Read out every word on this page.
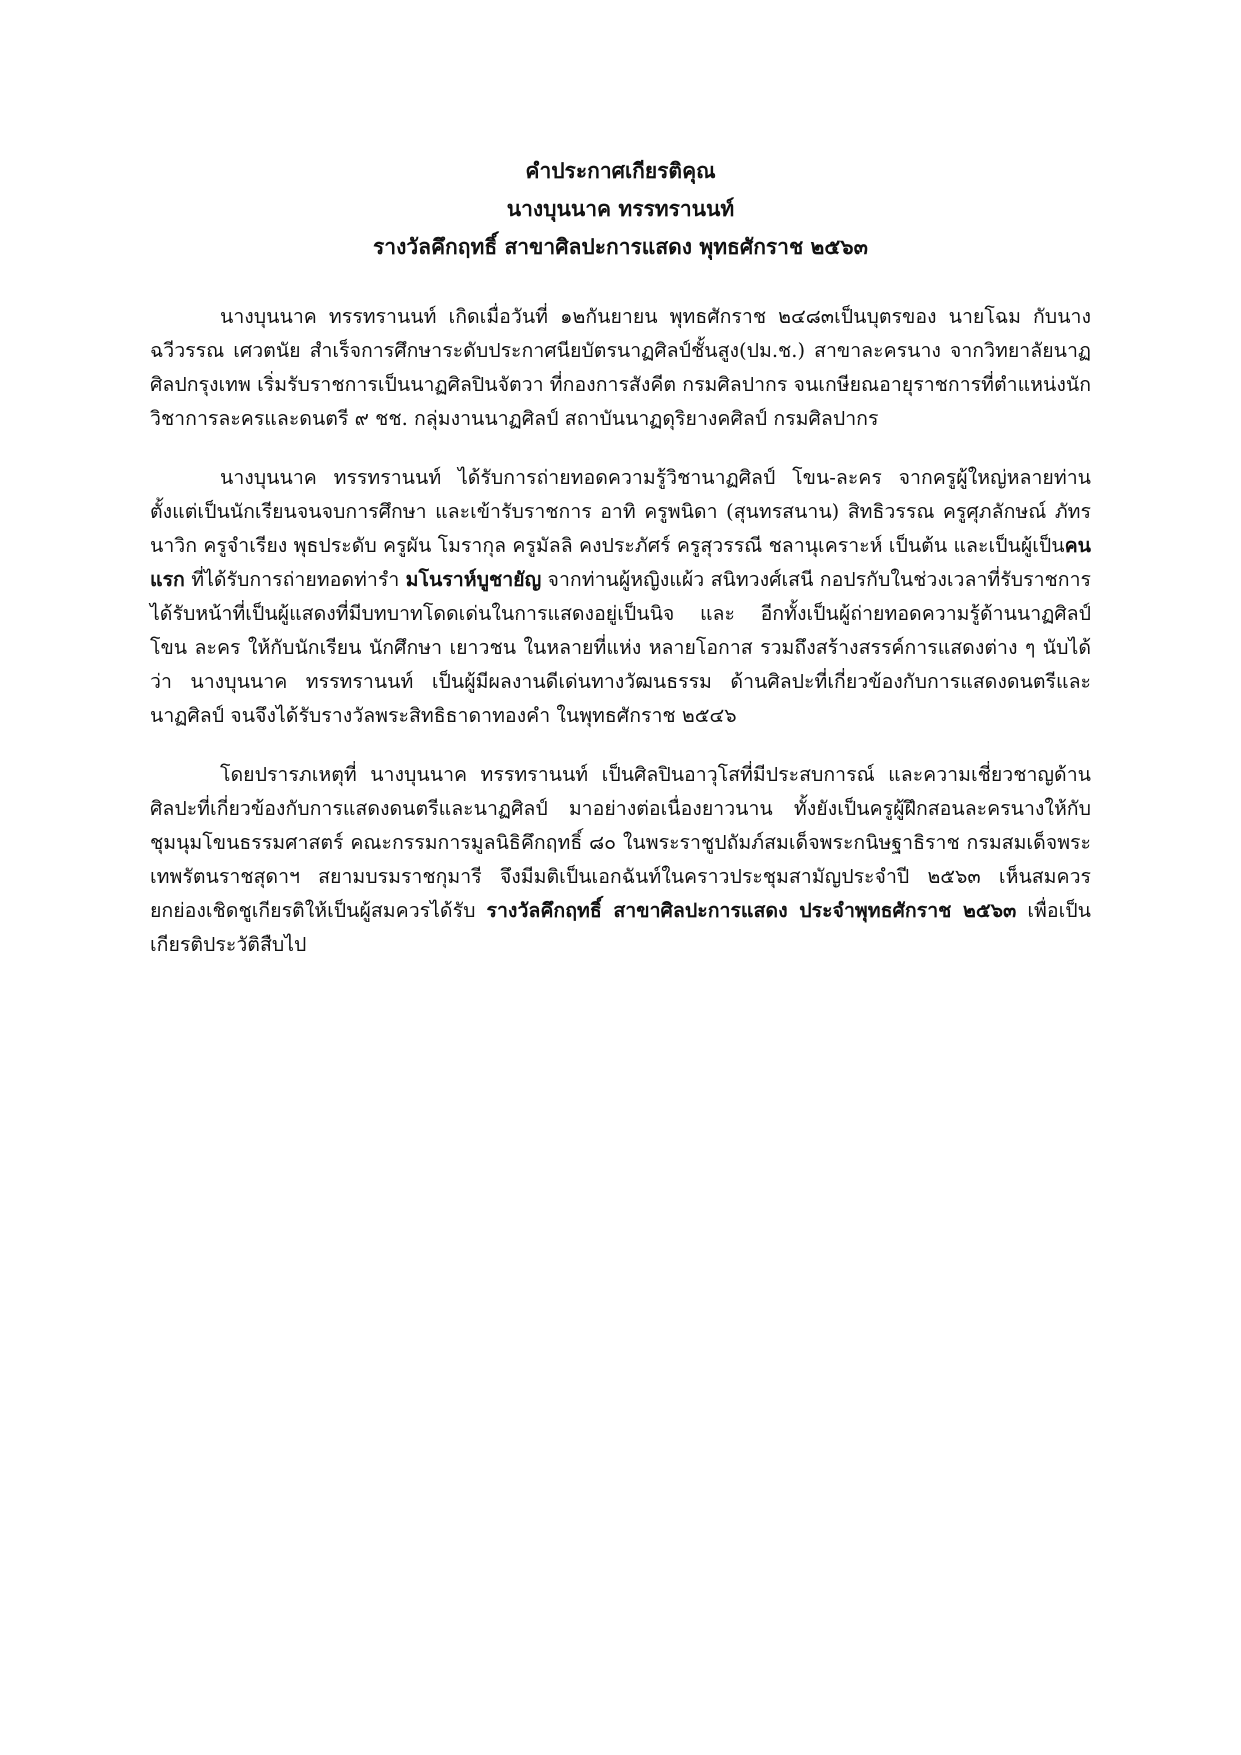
คำประกาศเกียรติคุณ
นางบุนนาค ทรรทรานนท์
รางวัลคึกฤทธิ์ สาขาศิลปะการแสดง พุทธศักราช ๒๕๖๓

นางบุนนาค ทรรทรานนท์ เกิดเมื่อวันที่ ๑๒กันยายน พุทธศักราช ๒๔๘๓เป็นบุตรของ นายโฉม กับนาง ฉวีวรรณ เศวตนัย สำเร็จการศึกษาระดับประกาศนียบัตรนาฏศิลป์ชั้นสูง(ปม.ช.) สาขาละครนาง จากวิทยาลัยนาฏศิลปกรุงเทพ เริ่มรับราชการเป็นนาฏศิลปินจัตวา ที่กองการสังคีต กรมศิลปากร จนเกษียณอายุราชการที่ตำแหน่งนักวิชาการละครและดนตรี ๙ ชช. กลุ่มงานนาฏศิลป์ สถาบันนาฏดุริยางคศิลป์ กรมศิลปากร

นางบุนนาค ทรรทรานนท์ ได้รับการถ่ายทอดความรู้วิชานาฏศิลป์ โขน-ละคร จากครูผู้ใหญ่หลายท่าน ตั้งแต่เป็นนักเรียนจนจบการศึกษา และเข้ารับราชการ อาทิ ครูพนิดา (สุนทรสนาน) สิทธิวรรณ ครูศุภลักษณ์ ภัทรนาวิก ครูจำเรียง พุธประดับ ครูผัน โมรากุล ครูมัลลิ คงประภัศร์ ครูสุวรรณี ชลานุเคราะห์ เป็นต้น และเป็นผู้เป็นคนแรก ที่ได้รับการถ่ายทอดท่ารำ มโนราห์บูชายัญ จากท่านผู้หญิงแผ้ว สนิทวงศ์เสนี กอปรกับในช่วงเวลาที่รับราชการ ได้รับหน้าที่เป็นผู้แสดงที่มีบทบาทโดดเด่นในการแสดงอยู่เป็นนิจ และ อีกทั้งเป็นผู้ถ่ายทอดความรู้ด้านนาฏศิลป์ โขน ละคร ให้กับนักเรียน นักศึกษา เยาวชน ในหลายที่แห่ง หลายโอกาส รวมถึงสร้างสรรค์การแสดงต่าง ๆ นับได้ว่า นางบุนนาค ทรรทรานนท์ เป็นผู้มีผลงานดีเด่นทางวัฒนธรรม ด้านศิลปะที่เกี่ยวข้องกับการแสดงดนตรีและนาฏศิลป์ จนจึงได้รับรางวัลพระสิทธิธาดาทองคำ ในพุทธศักราช ๒๕๔๖

โดยปรารภเหตุที่ นางบุนนาค ทรรทรานนท์ เป็นศิลปินอาวุโสที่มีประสบการณ์ และความเชี่ยวชาญด้านศิลปะที่เกี่ยวข้องกับการแสดงดนตรีและนาฏศิลป์ มาอย่างต่อเนื่องยาวนาน ทั้งยังเป็นครูผู้ฝึกสอนละครนางให้กับชุมนุมโขนธรรมศาสตร์ คณะกรรมการมูลนิธิคึกฤทธิ์ ๘๐ ในพระราชูปถัมภ์สมเด็จพระกนิษฐาธิราช กรมสมเด็จพระเทพรัตนราชสุดาฯ สยามบรมราชกุมารี จึงมีมติเป็นเอกฉันท์ในคราวประชุมสามัญประจำปี ๒๕๖๓ เห็นสมควรยกย่องเชิดชูเกียรติให้เป็นผู้สมควรได้รับ รางวัลคึกฤทธิ์ สาขาศิลปะการแสดง ประจำพุทธศักราช ๒๕๖๓ เพื่อเป็นเกียรติประวัติสืบไป
